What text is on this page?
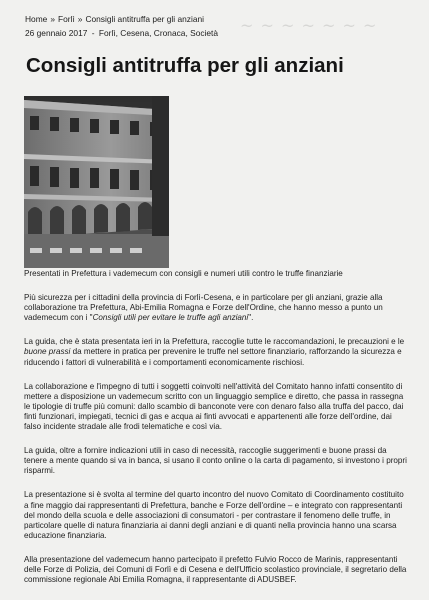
Home » Forlì » Consigli antitruffa per gli anziani ~ ~ ~ ~ ~ ~ ~
26 gennaio 2017 - Forlì, Cesena, Cronaca, Società
Consigli antitruffa per gli anziani

Presentati in Prefettura i vademecum con consigli e numeri utili contro le truffe finanziarie

Più sicurezza per i cittadini della provincia di Forlì-Cesena, e in particolare per gli anziani, grazie alla collaborazione tra Prefettura, Abi-Emilia Romagna e Forze dell'Ordine, che hanno messo a punto un vademecum con i "Consigli utili per evitare le truffe agli anziani".

La guida, che è stata presentata ieri in la Prefettura, raccoglie tutte le raccomandazioni, le precauzioni e le buone prassi da mettere in pratica per prevenire le truffe nel settore finanziario, rafforzando la sicurezza e riducendo i fattori di vulnerabilità e i comportamenti economicamente rischiosi.

La collaborazione e l'impegno di tutti i soggetti coinvolti nell'attività del Comitato hanno infatti consentito di mettere a disposizione un vademecum scritto con un linguaggio semplice e diretto, che passa in rassegna le tipologie di truffe più comuni: dallo scambio di banconote vere con denaro falso alla truffa del pacco, dai finti funzionari, impiegati, tecnici di gas e acqua ai finti avvocati e appartenenti alle forze dell'ordine, dai falso incidente stradale alle frodi telematiche e così via.

La guida, oltre a fornire indicazioni utili in caso di necessità, raccoglie suggerimenti e buone prassi da tenere a mente quando si va in banca, si usano il conto online o la carta di pagamento, si investono i propri risparmi.

La presentazione si è svolta al termine del quarto incontro del nuovo Comitato di Coordinamento costituito a fine maggio dai rappresentanti di Prefettura, banche e Forze dell'ordine – e integrato con rappresentanti del mondo della scuola e delle associazioni di consumatori - per contrastare il fenomeno delle truffe, in particolare quelle di natura finanziaria ai danni degli anziani e di quanti nella provincia hanno una scarsa educazione finanziaria.

Alla presentazione del vademecum hanno partecipato il prefetto Fulvio Rocco de Marinis, rappresentanti delle Forze di Polizia, dei Comuni di Forlì e di Cesena e dell'Ufficio scolastico provinciale, il segretario della commissione regionale Abi Emilia Romagna, il rappresentante di ADUSBEF.
